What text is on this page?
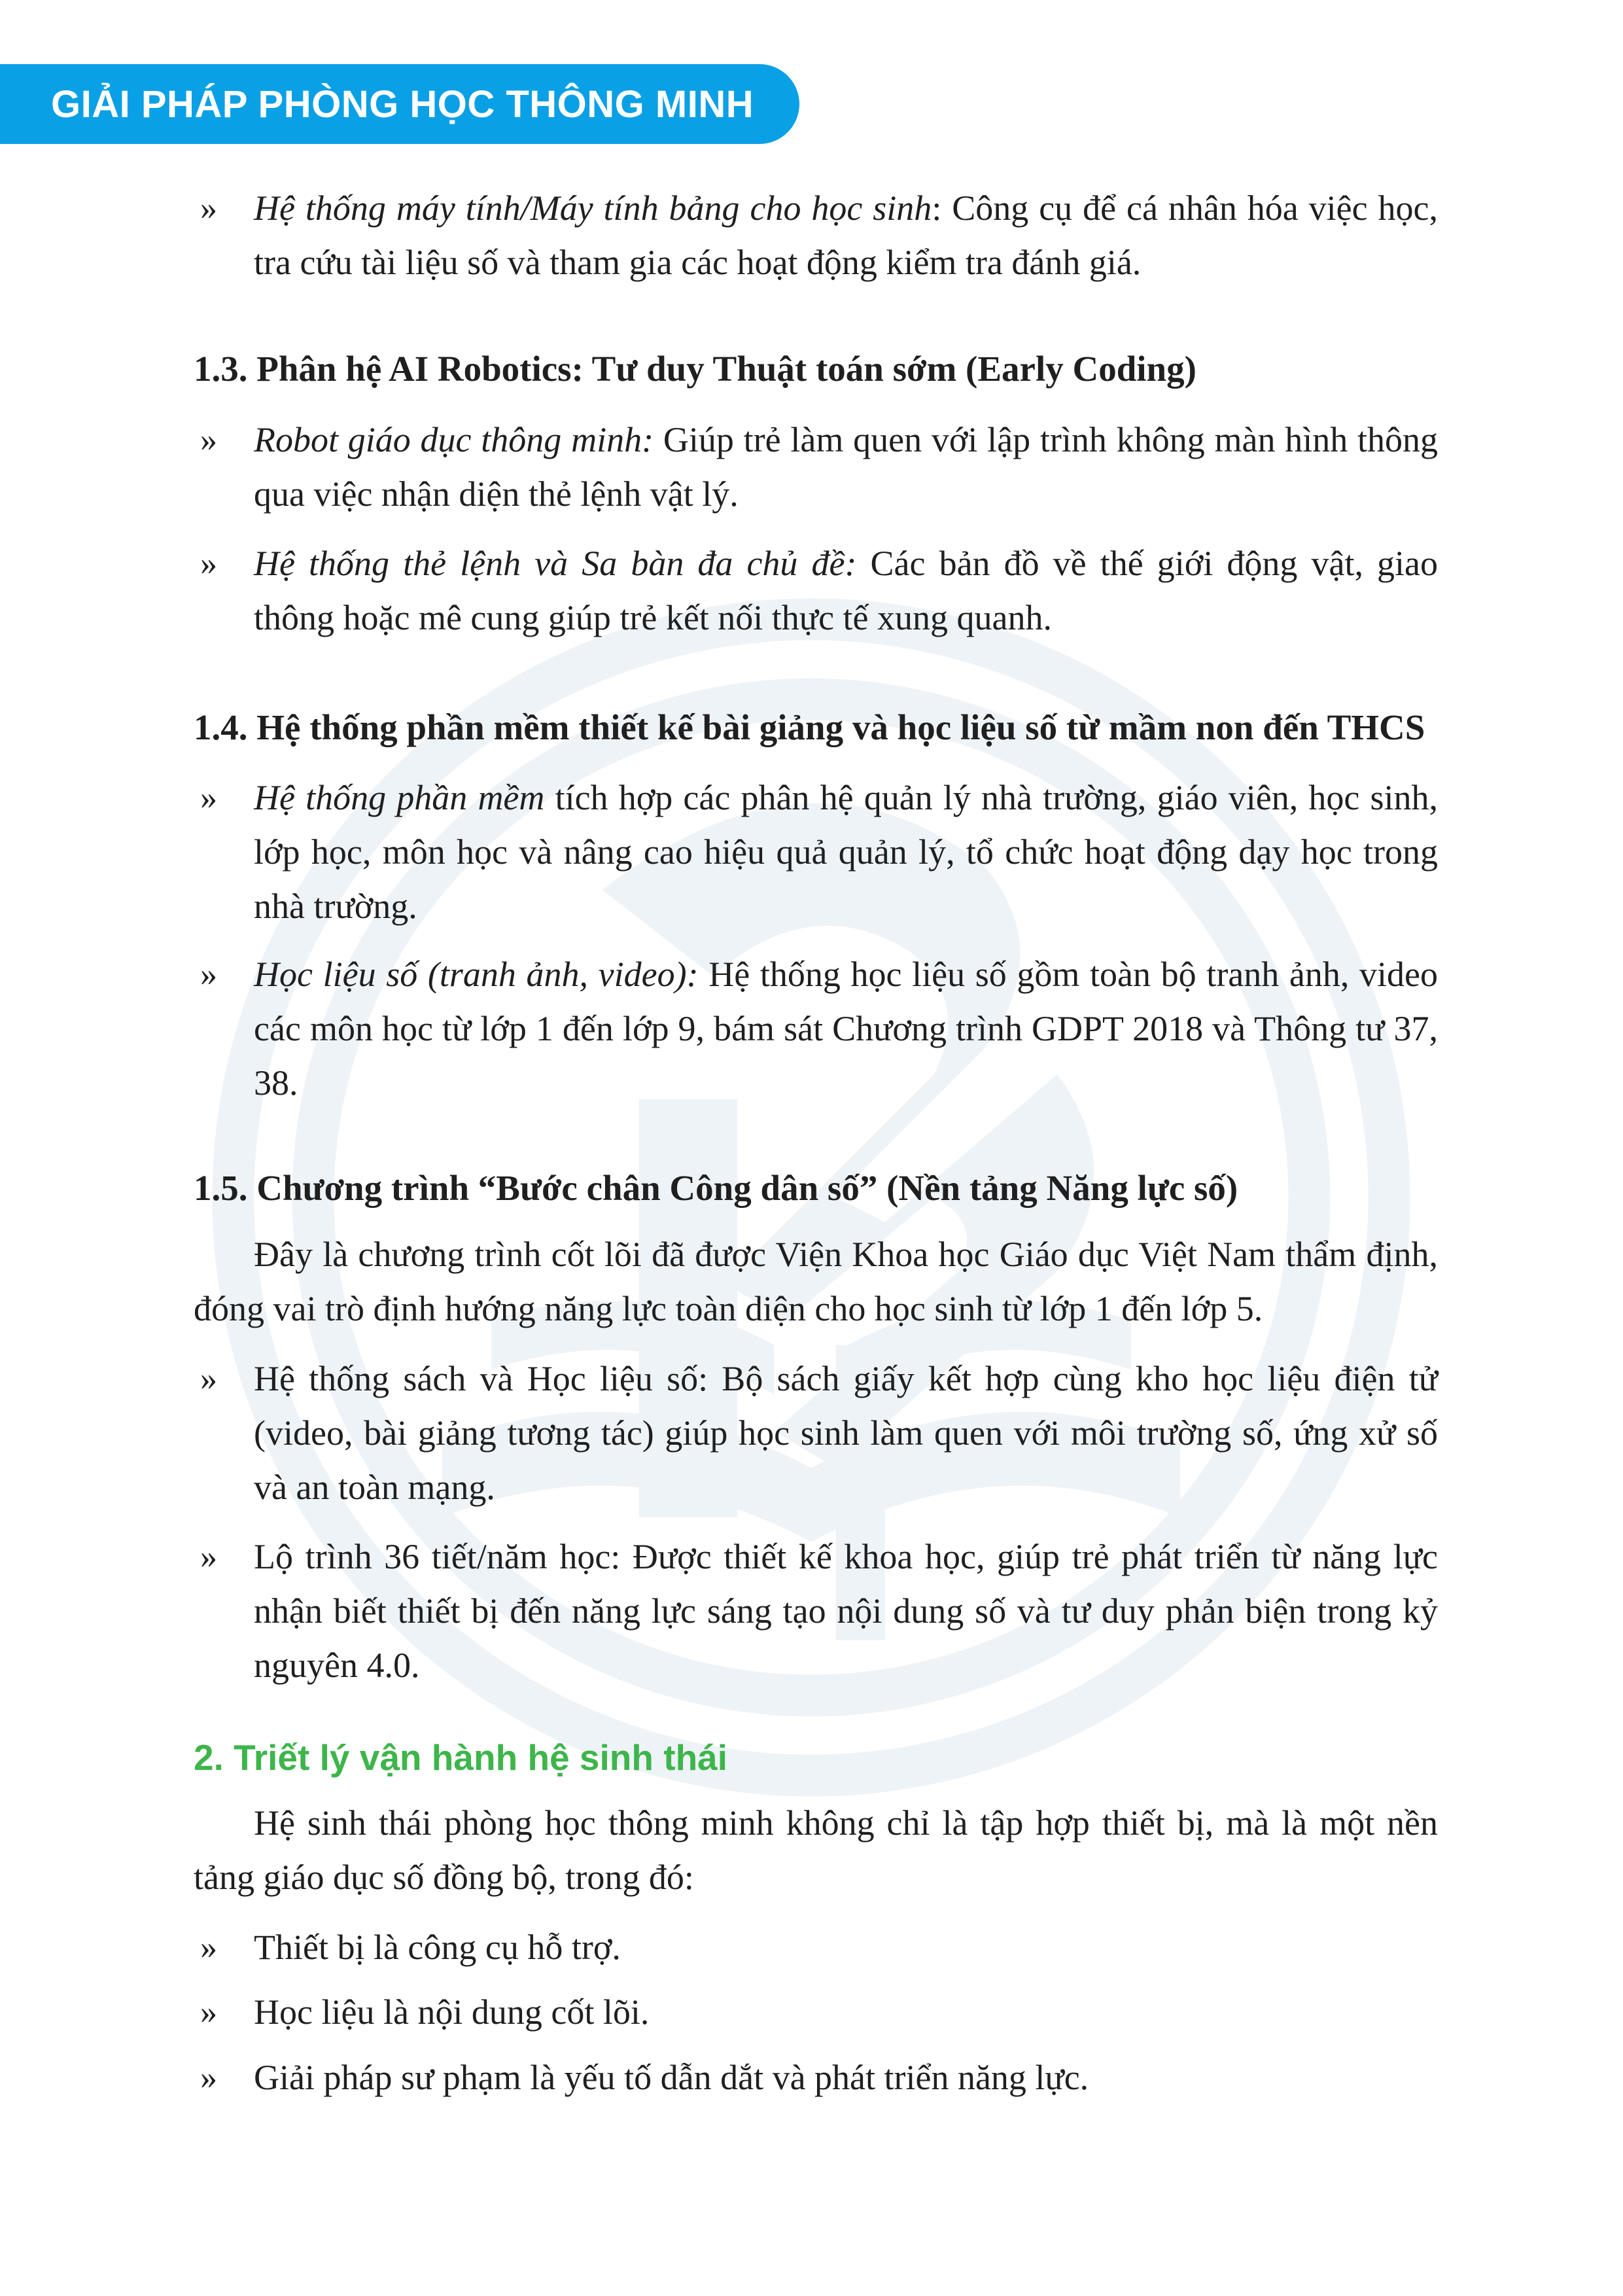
GIẢI PHÁP PHÒNG HỌC THÔNG MINH
» Hệ thống máy tính/Máy tính bảng cho học sinh: Công cụ để cá nhân hóa việc học, tra cứu tài liệu số và tham gia các hoạt động kiểm tra đánh giá.
1.3. Phân hệ AI Robotics: Tư duy Thuật toán sớm (Early Coding)
» Robot giáo dục thông minh: Giúp trẻ làm quen với lập trình không màn hình thông qua việc nhận diện thẻ lệnh vật lý.
» Hệ thống thẻ lệnh và Sa bàn đa chủ đề: Các bản đồ về thế giới động vật, giao thông hoặc mê cung giúp trẻ kết nối thực tế xung quanh.
1.4. Hệ thống phần mềm thiết kế bài giảng và học liệu số từ mầm non đến THCS
» Hệ thống phần mềm tích hợp các phân hệ quản lý nhà trường, giáo viên, học sinh, lớp học, môn học và nâng cao hiệu quả quản lý, tổ chức hoạt động dạy học trong nhà trường.
» Học liệu số (tranh ảnh, video): Hệ thống học liệu số gồm toàn bộ tranh ảnh, video các môn học từ lớp 1 đến lớp 9, bám sát Chương trình GDPT 2018 và Thông tư 37, 38.
1.5. Chương trình “Bước chân Công dân số” (Nền tảng Năng lực số)
Đây là chương trình cốt lõi đã được Viện Khoa học Giáo dục Việt Nam thẩm định, đóng vai trò định hướng năng lực toàn diện cho học sinh từ lớp 1 đến lớp 5.
» Hệ thống sách và Học liệu số: Bộ sách giấy kết hợp cùng kho học liệu điện tử (video, bài giảng tương tác) giúp học sinh làm quen với môi trường số, ứng xử số và an toàn mạng.
» Lộ trình 36 tiết/năm học: Được thiết kế khoa học, giúp trẻ phát triển từ năng lực nhận biết thiết bị đến năng lực sáng tạo nội dung số và tư duy phản biện trong kỷ nguyên 4.0.
2. Triết lý vận hành hệ sinh thái
Hệ sinh thái phòng học thông minh không chỉ là tập hợp thiết bị, mà là một nền tảng giáo dục số đồng bộ, trong đó:
» Thiết bị là công cụ hỗ trợ.
» Học liệu là nội dung cốt lõi.
» Giải pháp sư phạm là yếu tố dẫn dắt và phát triển năng lực.
